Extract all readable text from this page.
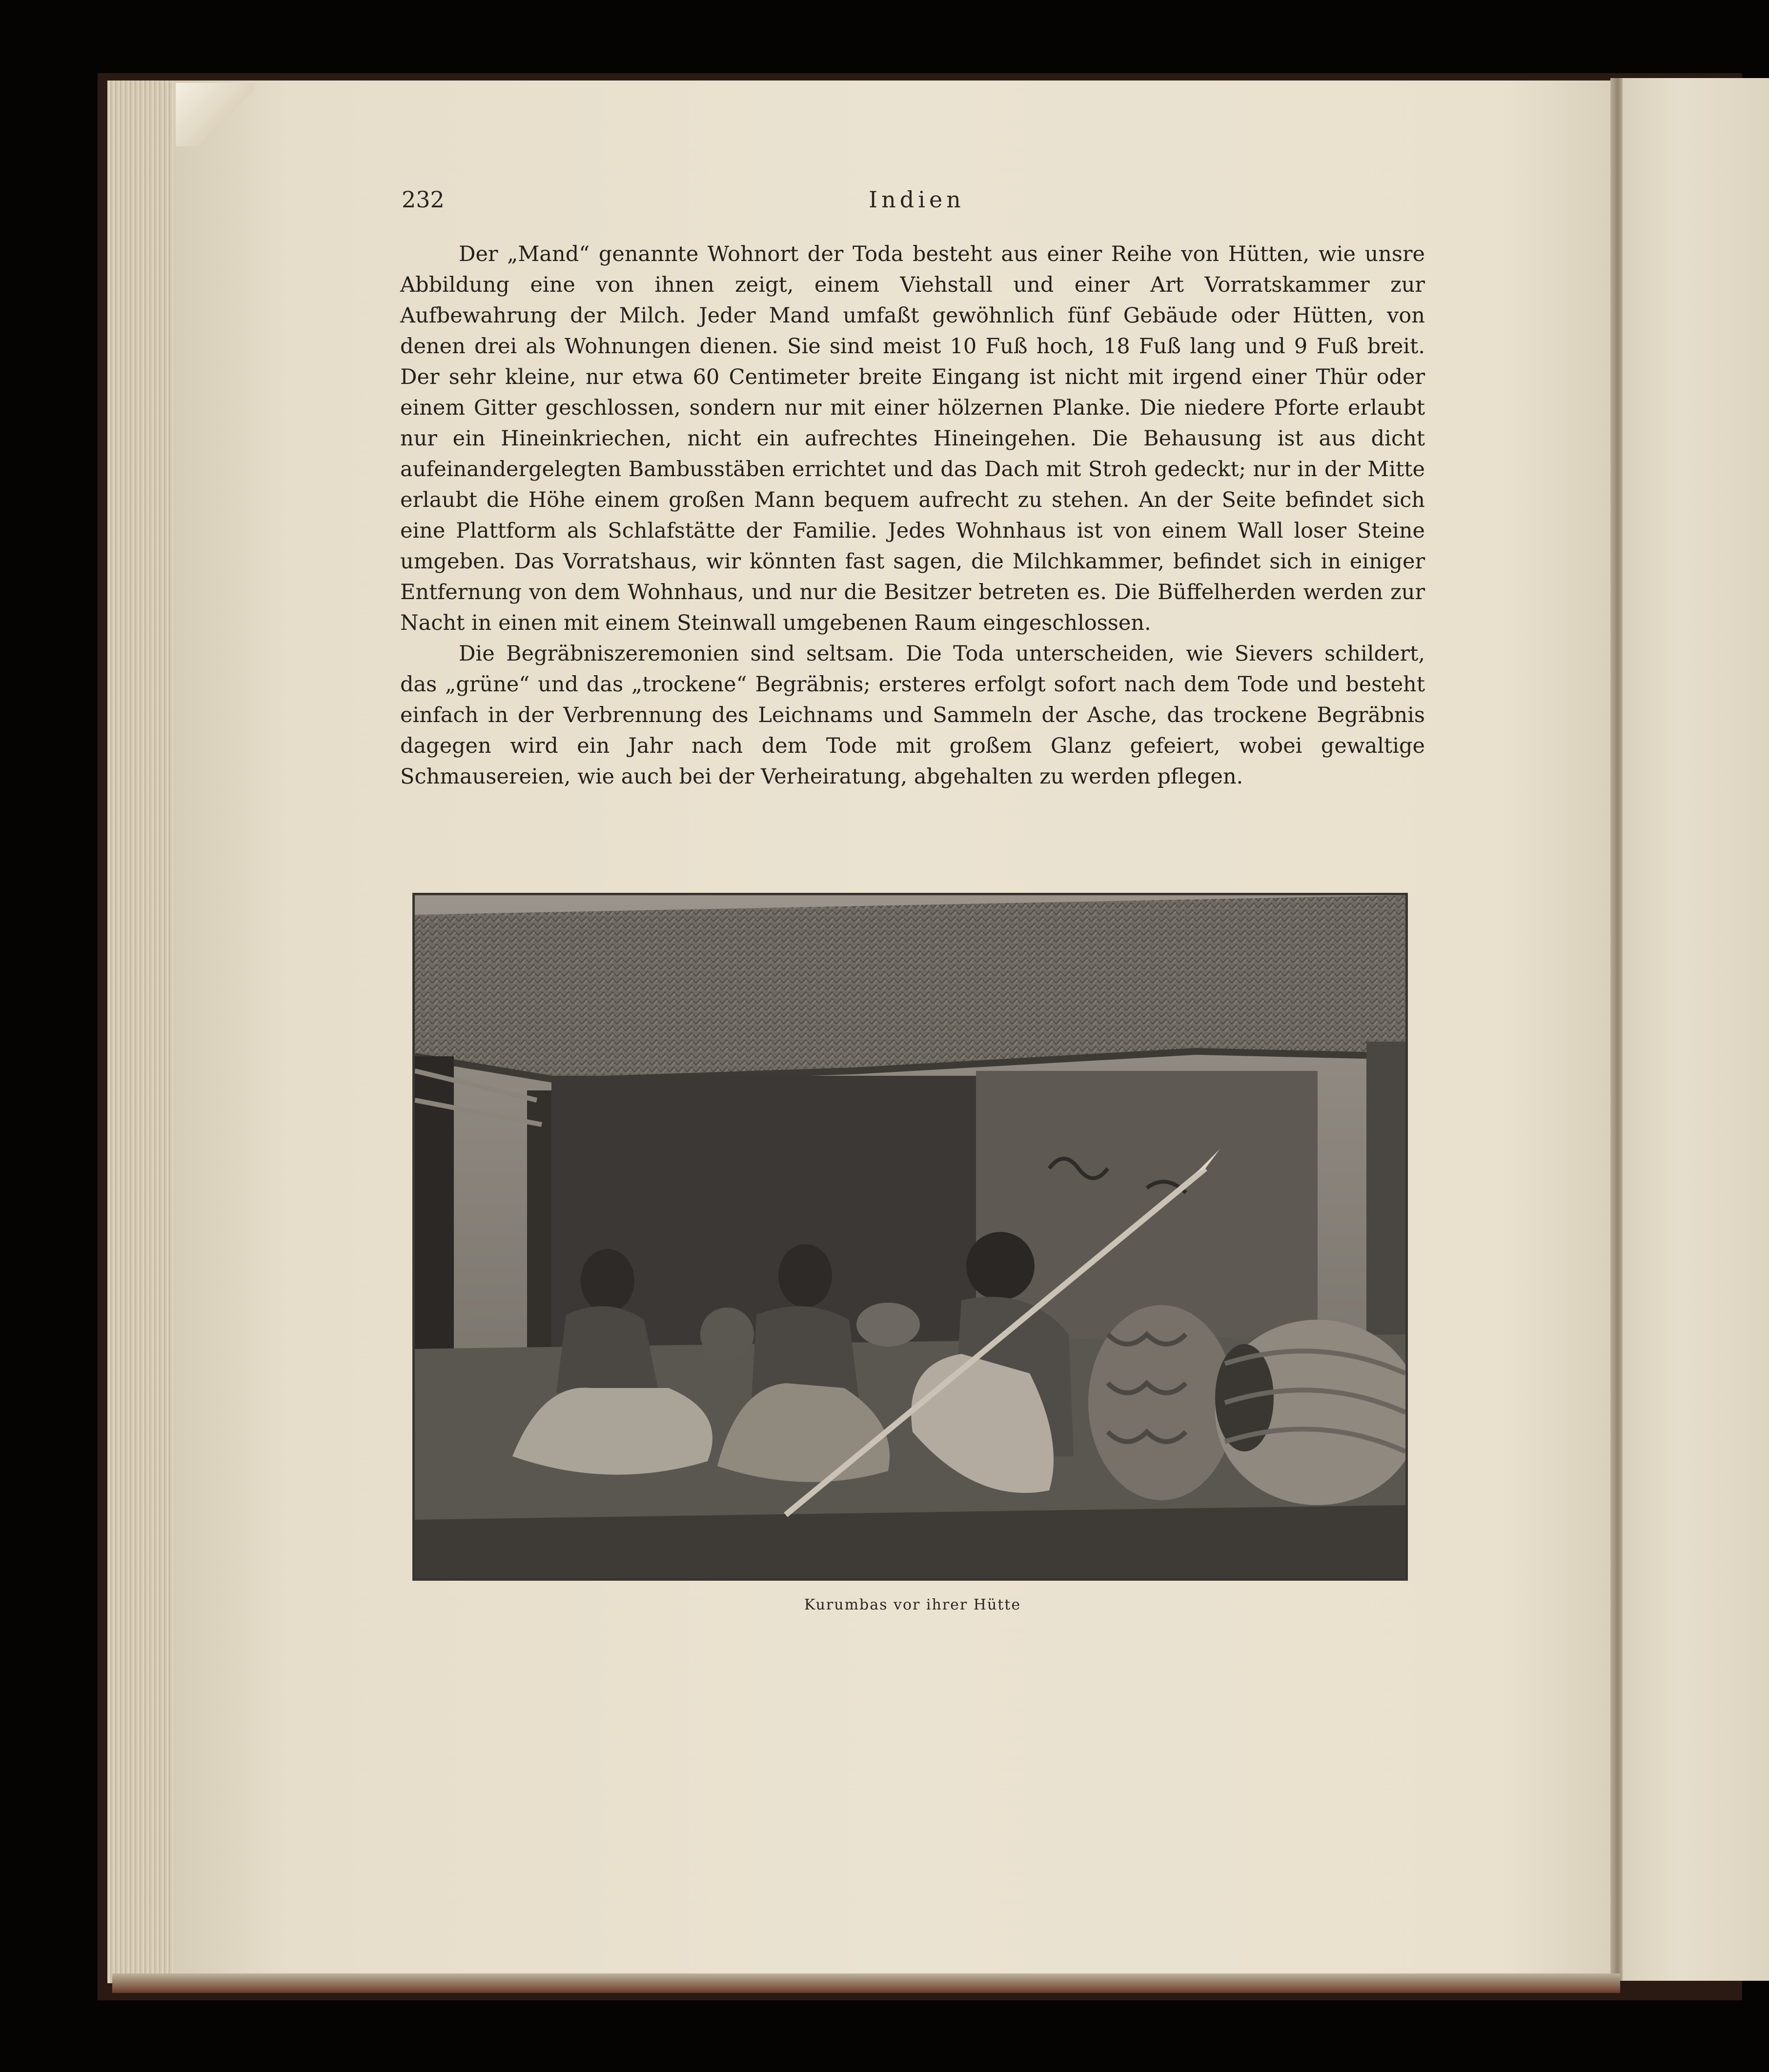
232	Indien

Der „Mand“ genannte Wohnort der Toda besteht aus einer Reihe von Hütten, wie unsre Abbildung eine von ihnen zeigt, einem Viehstall und einer Art Vorratskammer zur Aufbewahrung der Milch. Jeder Mand umfaßt gewöhnlich fünf Gebäude oder Hütten, von denen drei als Wohnungen dienen. Sie sind meist 10 Fuß hoch, 18 Fuß lang und 9 Fuß breit. Der sehr kleine, nur etwa 60 Centimeter breite Eingang ist nicht mit irgend einer Thür oder einem Gitter geschlossen, sondern nur mit einer hölzernen Planke. Die niedere Pforte erlaubt nur ein Hineinkriechen, nicht ein aufrechtes Hineingehen. Die Behausung ist aus dicht aufeinandergelegten Bambusstäben errichtet und das Dach mit Stroh gedeckt; nur in der Mitte erlaubt die Höhe einem großen Mann bequem aufrecht zu stehen. An der Seite befindet sich eine Plattform als Schlafstätte der Familie. Jedes Wohnhaus ist von einem Wall loser Steine umgeben. Das Vorratshaus, wir könnten fast sagen, die Milchkammer, befindet sich in einiger Entfernung von dem Wohnhaus, und nur die Besitzer betreten es. Die Büffelherden werden zur Nacht in einen mit einem Steinwall umgebenen Raum eingeschlossen.

Die Begräbniszeremonien sind seltsam. Die Toda unterscheiden, wie Sievers schildert, das „grüne“ und das „trockene“ Begräbnis; ersteres erfolgt sofort nach dem Tode und besteht einfach in der Verbrennung des Leichnams und Sammeln der Asche, das trockene Begräbnis dagegen wird ein Jahr nach dem Tode mit großem Glanz gefeiert, wobei gewaltige Schmausereien, wie auch bei der Verheiratung, abgehalten zu werden pflegen.

Kurumbas vor ihrer Hütte
